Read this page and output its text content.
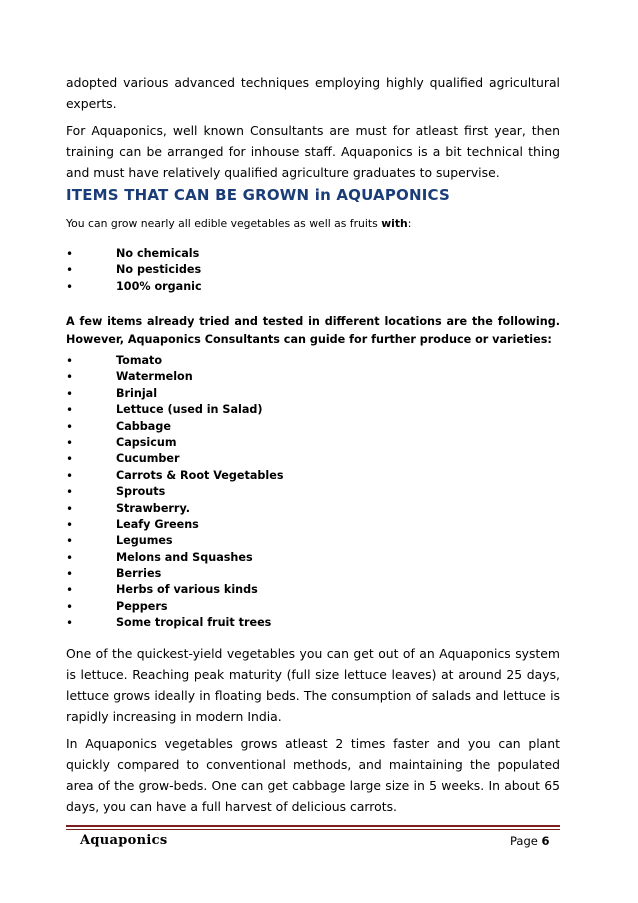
adopted various advanced techniques employing highly qualified agricultural experts.

For Aquaponics, well known Consultants are must for atleast first year, then training can be arranged for inhouse staff. Aquaponics is a bit technical thing and must have relatively qualified agriculture graduates to supervise.

ITEMS THAT CAN BE GROWN in AQUAPONICS

You can grow nearly all edible vegetables as well as fruits with:

•	No chemicals
•	No pesticides
•	100% organic

A few items already tried and tested in different locations are the following. However, Aquaponics Consultants can guide for further produce or varieties:

•	Tomato
•	Watermelon
•	Brinjal
•	Lettuce (used in Salad)
•	Cabbage
•	Capsicum
•	Cucumber
•	Carrots & Root Vegetables
•	Sprouts
•	Strawberry.
•	Leafy Greens
•	Legumes
•	Melons and Squashes
•	Berries
•	Herbs of various kinds
•	Peppers
•	Some tropical fruit trees

One of the quickest-yield vegetables you can get out of an Aquaponics system is lettuce. Reaching peak maturity (full size lettuce leaves) at around 25 days, lettuce grows ideally in floating beds. The consumption of salads and lettuce is rapidly increasing in modern India.

In Aquaponics vegetables grows atleast 2 times faster and you can plant quickly compared to conventional methods, and maintaining the populated area of the grow-beds. One can get cabbage large size in 5 weeks. In about 65 days, you can have a full harvest of delicious carrots.

Aquaponics	Page 6
